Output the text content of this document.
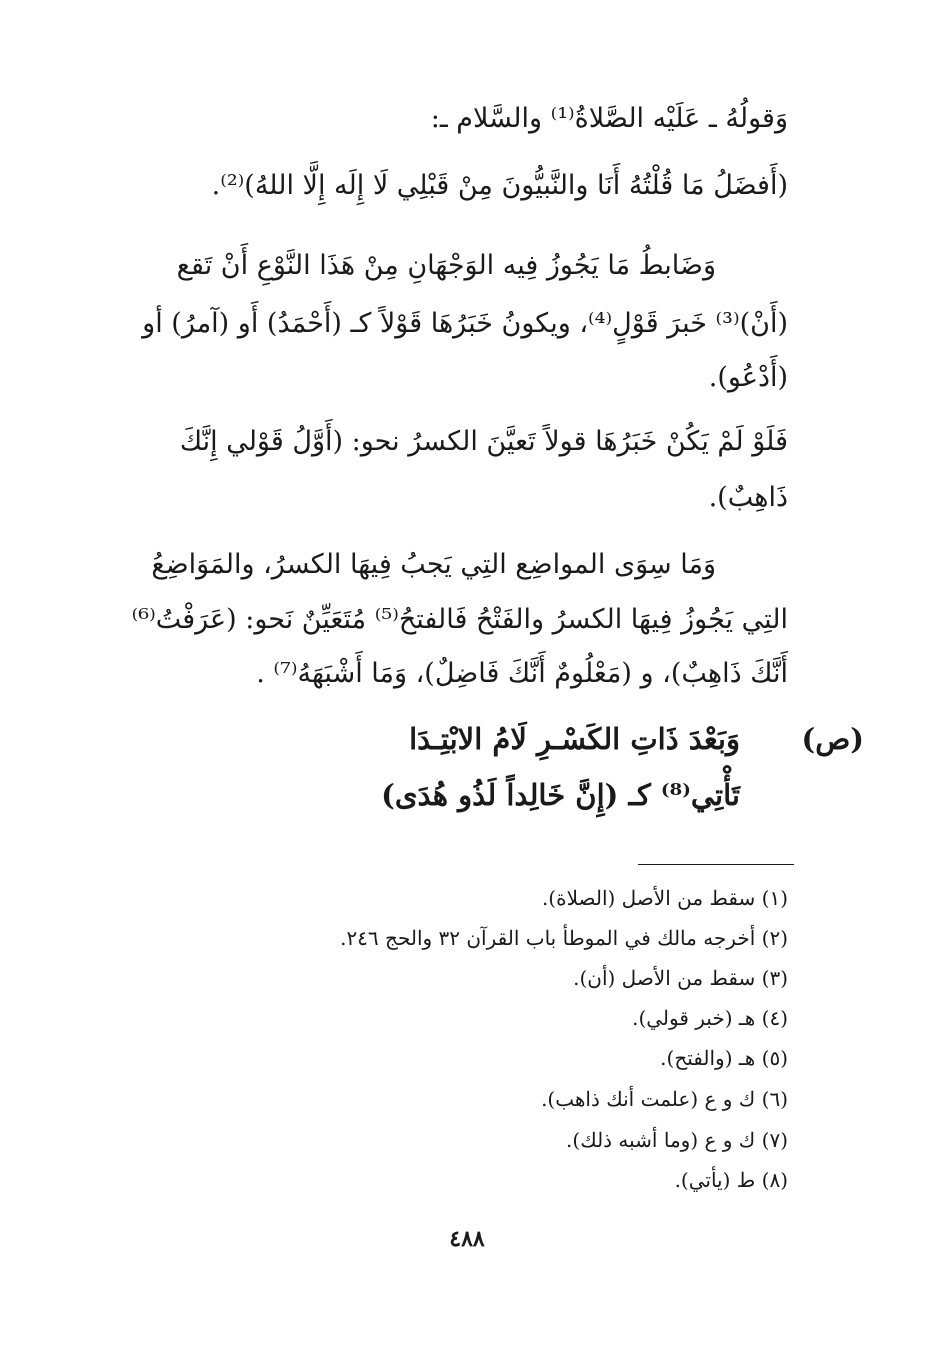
وَقولُهُ ـ عَلَيْه الصَّلاةُ⁽¹⁾ والسَّلام ـ:
(أَفضَلُ مَا قُلْتُهُ أَنَا والنَّبيُّونَ مِنْ قَبْلِي لَا إِلَه إِلَّا اللهُ)⁽²⁾.
وَضَابطُ مَا يَجُوزُ فِيه الوَجْهَانِ مِنْ هَذَا النَّوْعِ أَنْ تَقع
(أَنْ)⁽³⁾ خَبرَ قَوْلٍ⁽⁴⁾، ويكونُ خَبَرُهَا قَوْلاً كـ (أَحْمَدُ) أَو (آمرُ) أو
(أَدْعُو).
فَلَوْ لَمْ يَكُنْ خَبَرُهَا قولاً تَعيَّنَ الكسرُ نحو: (أَوَّلُ قَوْلي إِنَّكَ
ذَاهِبٌ).
وَمَا سِوَى المواضِع التِي يَجبُ فِيهَا الكسرُ، والمَوَاضِعُ
التِي يَجُوزُ فِيهَا الكسرُ والفَتْحُ فَالفتحُ⁽⁵⁾ مُتَعَيِّنٌ نَحو: (عَرَفْتُ⁽⁶⁾
أَنَّكَ ذَاهِبٌ)، و (مَعْلُومٌ أَنَّكَ فَاضِلٌ)، وَمَا أَشْبَهَهُ⁽⁷⁾ .
(ص)
وَبَعْدَ ذَاتِ الكَسْـرِ لَامُ الابْتِـدَا
تَأْتِي⁽⁸⁾ كـ (إِنَّ خَالِداً لَذُو هُدَى)
(١) سقط من الأصل (الصلاة).
(٢) أخرجه مالك في الموطأ باب القرآن ٣٢ والحج ٢٤٦.
(٣) سقط من الأصل (أن).
(٤) هـ (خبر قولي).
(٥) هـ (والفتح).
(٦) ك و ع (علمت أنك ذاهب).
(٧) ك و ع (وما أشبه ذلك).
(٨) ط (يأتي).
٤٨٨
